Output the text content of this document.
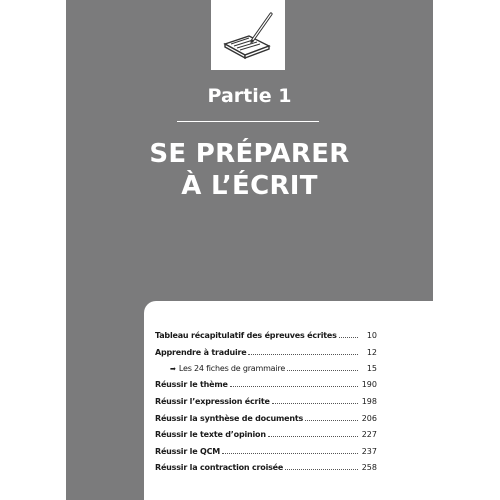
Partie 1
SE PRÉPARER
À L’ÉCRIT
Tableau récapitulatif des épreuves écrites	10
Apprendre à traduire	12
➡ Les 24 fiches de grammaire	15
Réussir le thème	190
Réussir l’expression écrite	198
Réussir la synthèse de documents	206
Réussir le texte d’opinion	227
Réussir le QCM	237
Réussir la contraction croisée	258
